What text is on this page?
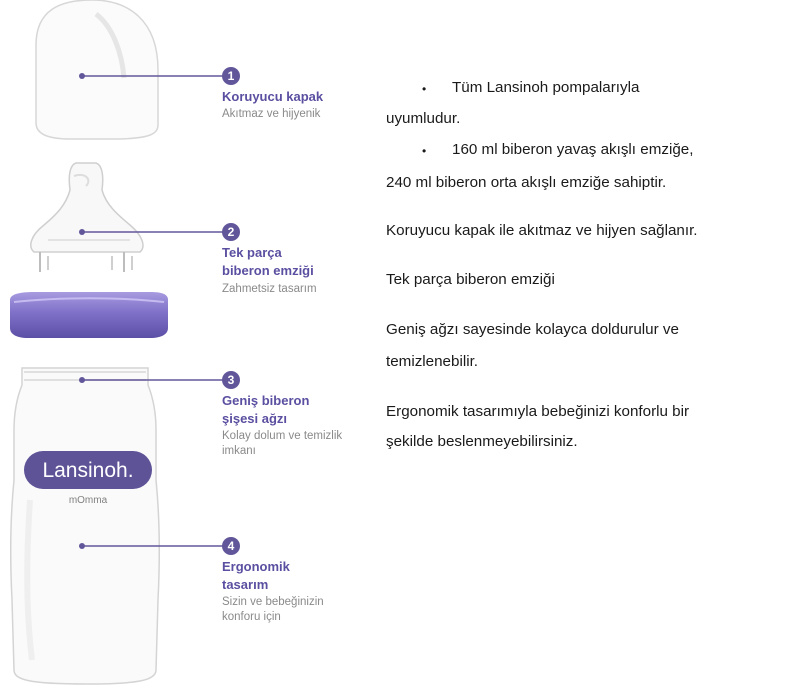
Lansinoh.
mOmma
1
Koruyucu kapak
Akıtmaz ve hijyenik
2
Tek parça
biberon emziği
Zahmetsiz tasarım
3
Geniş biberon
şişesi ağzı
Kolay dolum ve temizlik
imkanı
4
Ergonomik
tasarım
Sizin ve bebeğinizin
konforu için
• Tüm Lansinoh pompalarıyla

uyumludur.

• 160 ml biberon yavaş akışlı emziğe,

240 ml biberon orta akışlı emziğe sahiptir.

Koruyucu kapak ile akıtmaz ve hijyen sağlanır.

Tek parça biberon emziği

Geniş ağzı sayesinde kolayca doldurulur ve

temizlenebilir.

Ergonomik tasarımıyla bebeğinizi konforlu bir

şekilde beslenmeyebilirsiniz.
